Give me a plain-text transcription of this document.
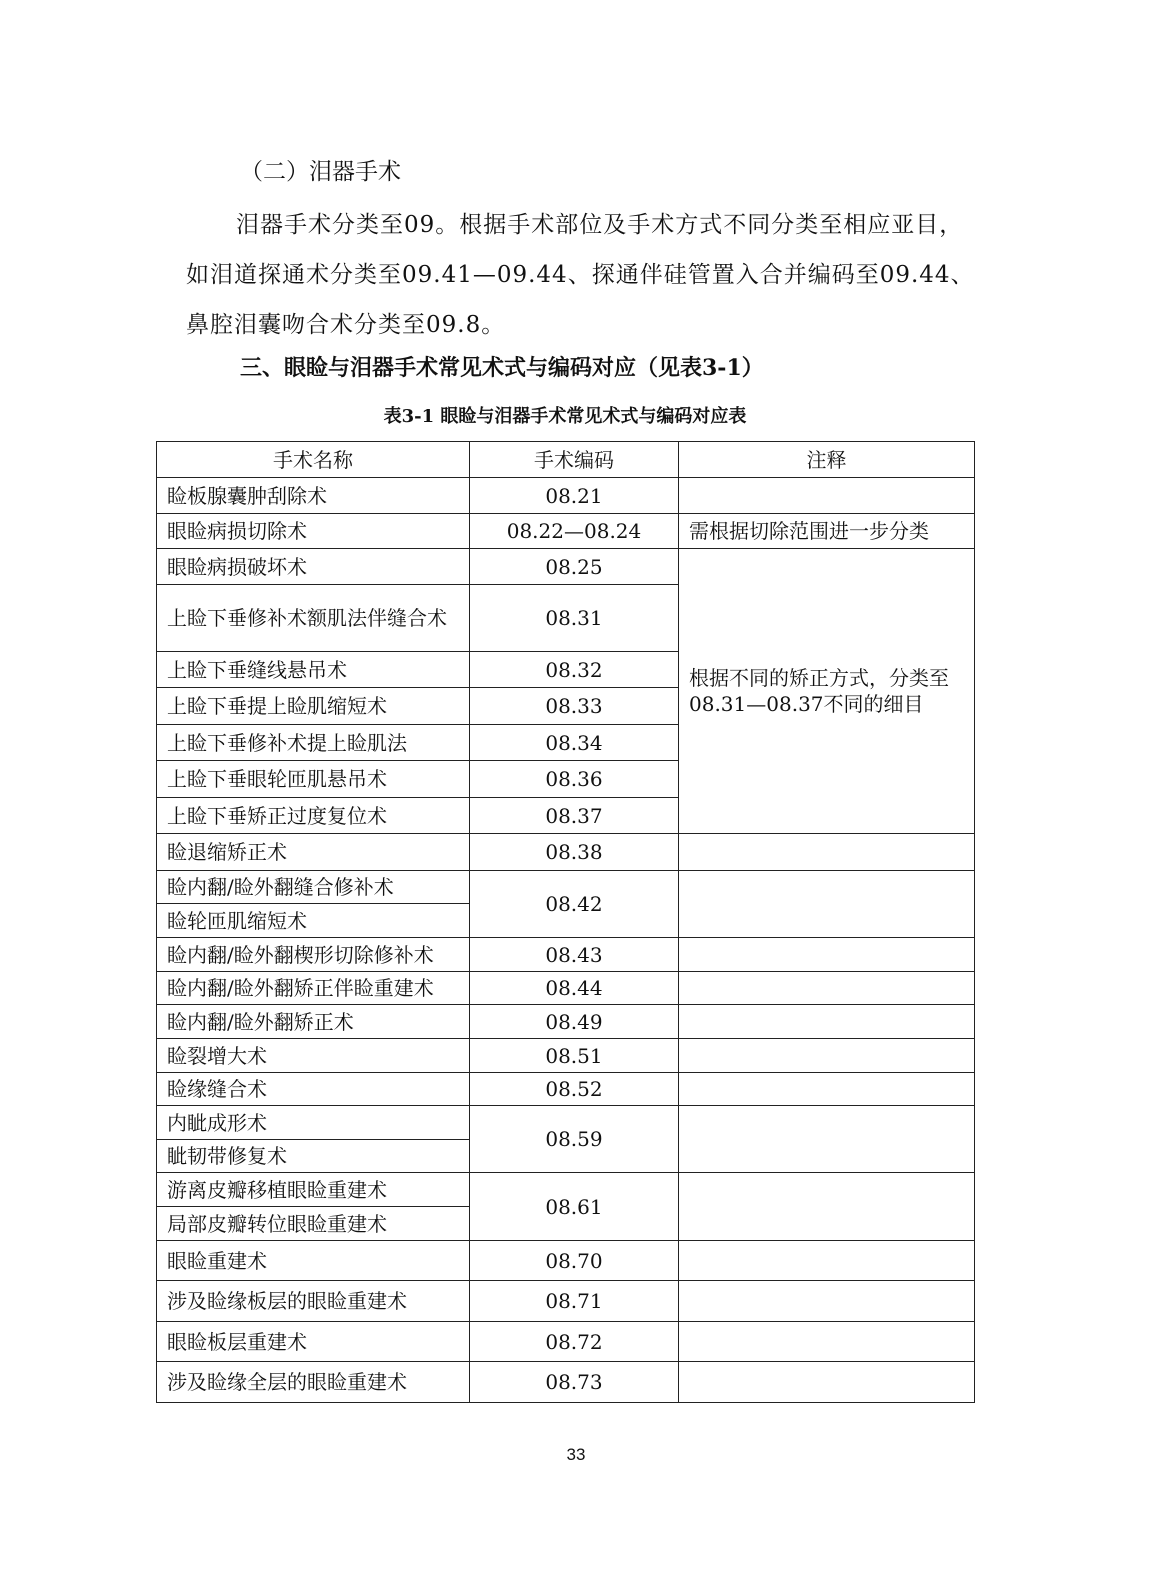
（二）泪器手术
泪器手术分类至09。根据手术部位及手术方式不同分类至相应亚目，如泪道探通术分类至09.41—09.44、探通伴硅管置入合并编码至09.44、鼻腔泪囊吻合术分类至09.8。
三、眼睑与泪器手术常见术式与编码对应（见表3-1）
表3-1 眼睑与泪器手术常见术式与编码对应表
手术名称	手术编码	注释
睑板腺囊肿刮除术	08.21	
眼睑病损切除术	08.22—08.24	需根据切除范围进一步分类
眼睑病损破坏术	08.25	根据不同的矫正方式，分类至08.31—08.37不同的细目
上睑下垂修补术额肌法伴缝合术	08.31	
上睑下垂缝线悬吊术	08.32	
上睑下垂提上睑肌缩短术	08.33	
上睑下垂修补术提上睑肌法	08.34	
上睑下垂眼轮匝肌悬吊术	08.36	
上睑下垂矫正过度复位术	08.37	
睑退缩矫正术	08.38	
睑内翻/睑外翻缝合修补术	08.42	
睑轮匝肌缩短术		
睑内翻/睑外翻楔形切除修补术	08.43	
睑内翻/睑外翻矫正伴睑重建术	08.44	
睑内翻/睑外翻矫正术	08.49	
睑裂增大术	08.51	
睑缘缝合术	08.52	
内眦成形术	08.59	
眦韧带修复术		
游离皮瓣移植眼睑重建术	08.61	
局部皮瓣转位眼睑重建术		
眼睑重建术	08.70	
涉及睑缘板层的眼睑重建术	08.71	
眼睑板层重建术	08.72	
涉及睑缘全层的眼睑重建术	08.73	
33
